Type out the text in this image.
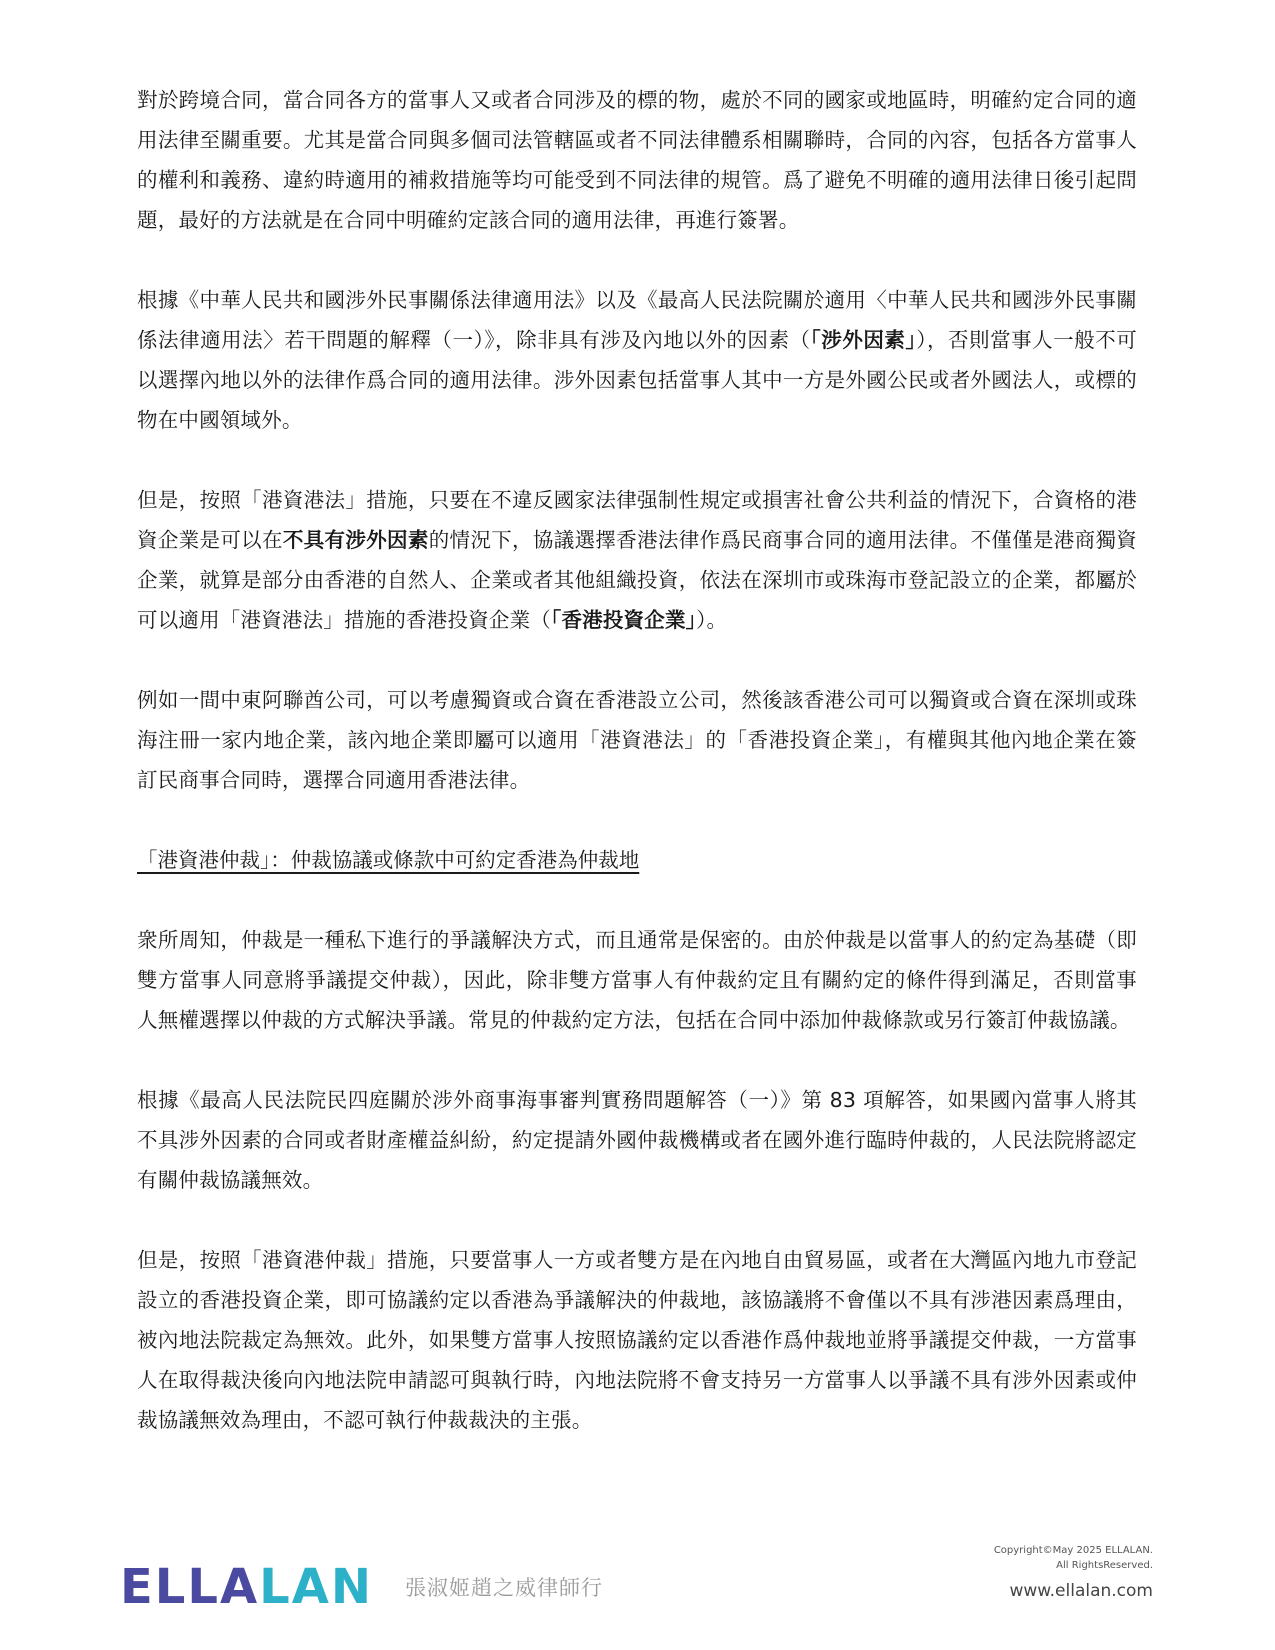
對於跨境合同，當合同各方的當事人又或者合同涉及的標的物，處於不同的國家或地區時，明確約定合同的適用法律至關重要。尤其是當合同與多個司法管轄區或者不同法律體系相關聯時，合同的內容，包括各方當事人的權利和義務、違約時適用的補救措施等均可能受到不同法律的規管。爲了避免不明確的適用法律日後引起問題，最好的方法就是在合同中明確約定該合同的適用法律，再進行簽署。
根據《中華人民共和國涉外民事關係法律適用法》以及《最高人民法院關於適用〈中華人民共和國涉外民事關係法律適用法〉若干問題的解釋（一）》，除非具有涉及內地以外的因素（「涉外因素」），否則當事人一般不可以選擇內地以外的法律作爲合同的適用法律。涉外因素包括當事人其中一方是外國公民或者外國法人，或標的物在中國領域外。
但是，按照「港資港法」措施，只要在不違反國家法律强制性規定或損害社會公共利益的情況下，合資格的港資企業是可以在不具有涉外因素的情況下，協議選擇香港法律作爲民商事合同的適用法律。不僅僅是港商獨資企業，就算是部分由香港的自然人、企業或者其他組織投資，依法在深圳市或珠海市登記設立的企業，都屬於可以適用「港資港法」措施的香港投資企業（「香港投資企業」）。
例如一間中東阿聯酋公司，可以考慮獨資或合資在香港設立公司，然後該香港公司可以獨資或合資在深圳或珠海注冊一家内地企業，該內地企業即屬可以適用「港資港法」的「香港投資企業」，有權與其他內地企業在簽訂民商事合同時，選擇合同適用香港法律。
「港資港仲裁」：仲裁協議或條款中可約定香港為仲裁地
衆所周知，仲裁是一種私下進行的爭議解決方式，而且通常是保密的。由於仲裁是以當事人的約定為基礎（即雙方當事人同意將爭議提交仲裁），因此，除非雙方當事人有仲裁約定且有關約定的條件得到滿足，否則當事人無權選擇以仲裁的方式解決爭議。常見的仲裁約定方法，包括在合同中添加仲裁條款或另行簽訂仲裁協議。
根據《最高人民法院民四庭關於涉外商事海事審判實務問題解答（一）》第 83 項解答，如果國內當事人將其不具涉外因素的合同或者財產權益糾紛，約定提請外國仲裁機構或者在國外進行臨時仲裁的，人民法院將認定有關仲裁協議無效。
但是，按照「港資港仲裁」措施，只要當事人一方或者雙方是在內地自由貿易區，或者在大灣區內地九市登記設立的香港投資企業，即可協議約定以香港為爭議解決的仲裁地，該協議將不會僅以不具有涉港因素爲理由，被內地法院裁定為無效。此外，如果雙方當事人按照協議約定以香港作爲仲裁地並將爭議提交仲裁，一方當事人在取得裁決後向內地法院申請認可與執行時，內地法院將不會支持另一方當事人以爭議不具有涉外因素或仲裁協議無效為理由，不認可執行仲裁裁決的主張。
ELLALAN 張淑姬趙之威律師行
Copyright©May 2025 ELLALAN.
All RightsReserved.
www.ellalan.com
